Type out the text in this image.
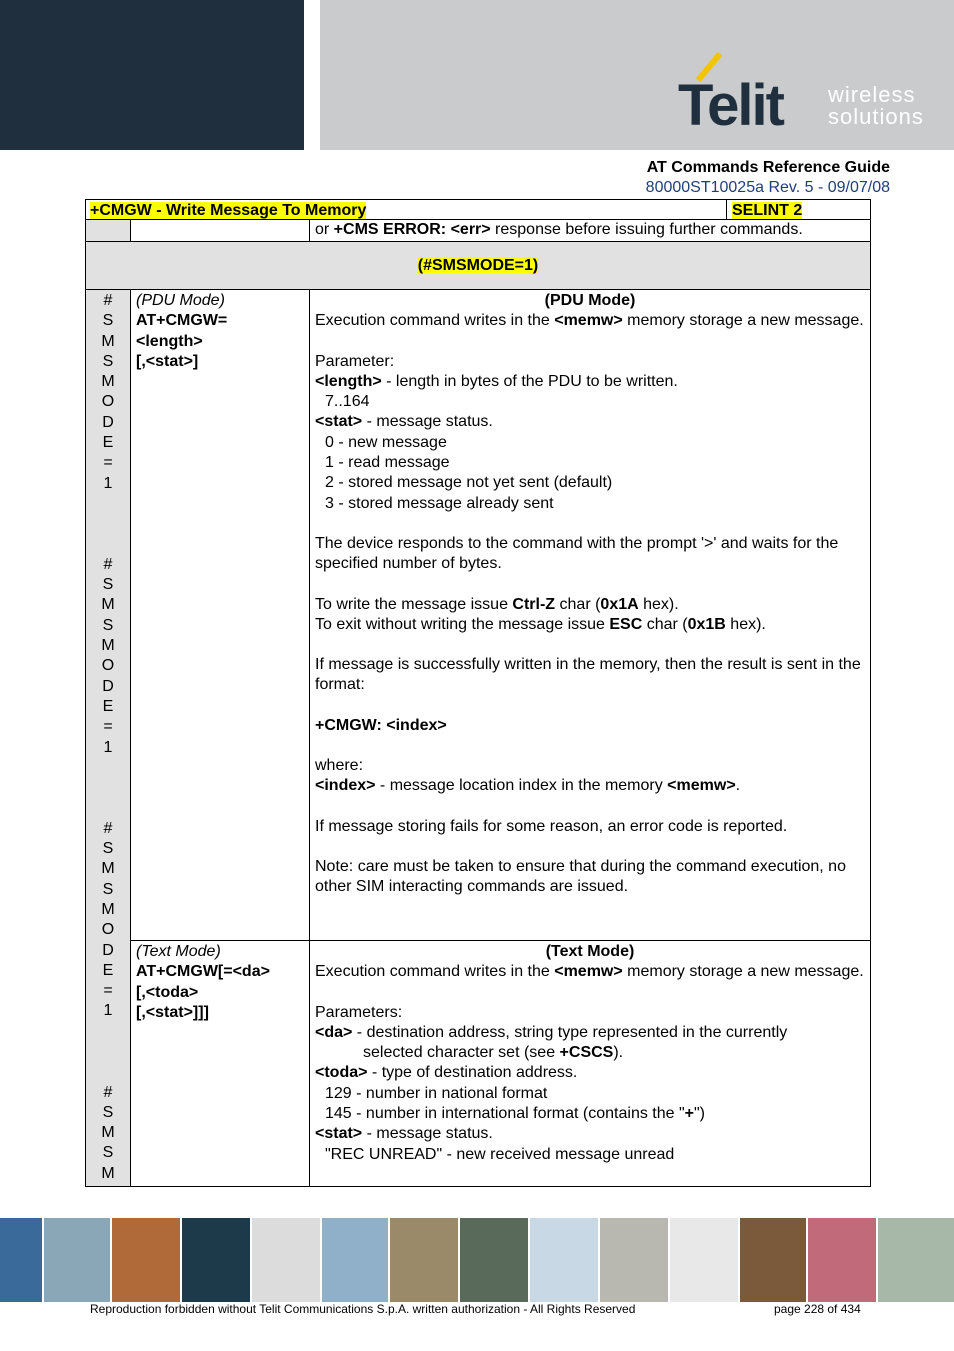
Telit wireless
solutions
AT Commands Reference Guide
80000ST10025a Rev. 5 - 09/07/08
+CMGW - Write Message To Memory	SELINT 2
or +CMS ERROR: <err> response before issuing further commands.
(#SMSMODE=1)
#
S
M
S
M
O
D
E
=
1
#
S
M
S
M
O
D
E
=
1
#
S
M
S
M
O
D
E
=
1
#
S
M
S
M
(PDU Mode)
AT+CMGW=
<length>
[,<stat>]
(PDU Mode)
Execution command writes in the <memw> memory storage a new message.
Parameter:
<length> - length in bytes of the PDU to be written.
7..164
<stat> - message status.
0 - new message
1 - read message
2 - stored message not yet sent (default)
3 - stored message already sent
The device responds to the command with the prompt '>' and waits for the specified number of bytes.
To write the message issue Ctrl-Z char (0x1A hex).
To exit without writing the message issue ESC char (0x1B hex).
If message is successfully written in the memory, then the result is sent in the format:
+CMGW: <index>
where:
<index> - message location index in the memory <memw>.
If message storing fails for some reason, an error code is reported.
Note: care must be taken to ensure that during the command execution, no other SIM interacting commands are issued.
(Text Mode)
AT+CMGW[=<da>
[,<toda>
[,<stat>]]]
(Text Mode)
Execution command writes in the <memw> memory storage a new message.
Parameters:
<da> - destination address, string type represented in the currently
selected character set (see +CSCS).
<toda> - type of destination address.
129 - number in national format
145 - number in international format (contains the "+")
<stat> - message status.
"REC UNREAD" - new received message unread
Reproduction forbidden without Telit Communications S.p.A. written authorization - All Rights Reserved	page 228 of 434
